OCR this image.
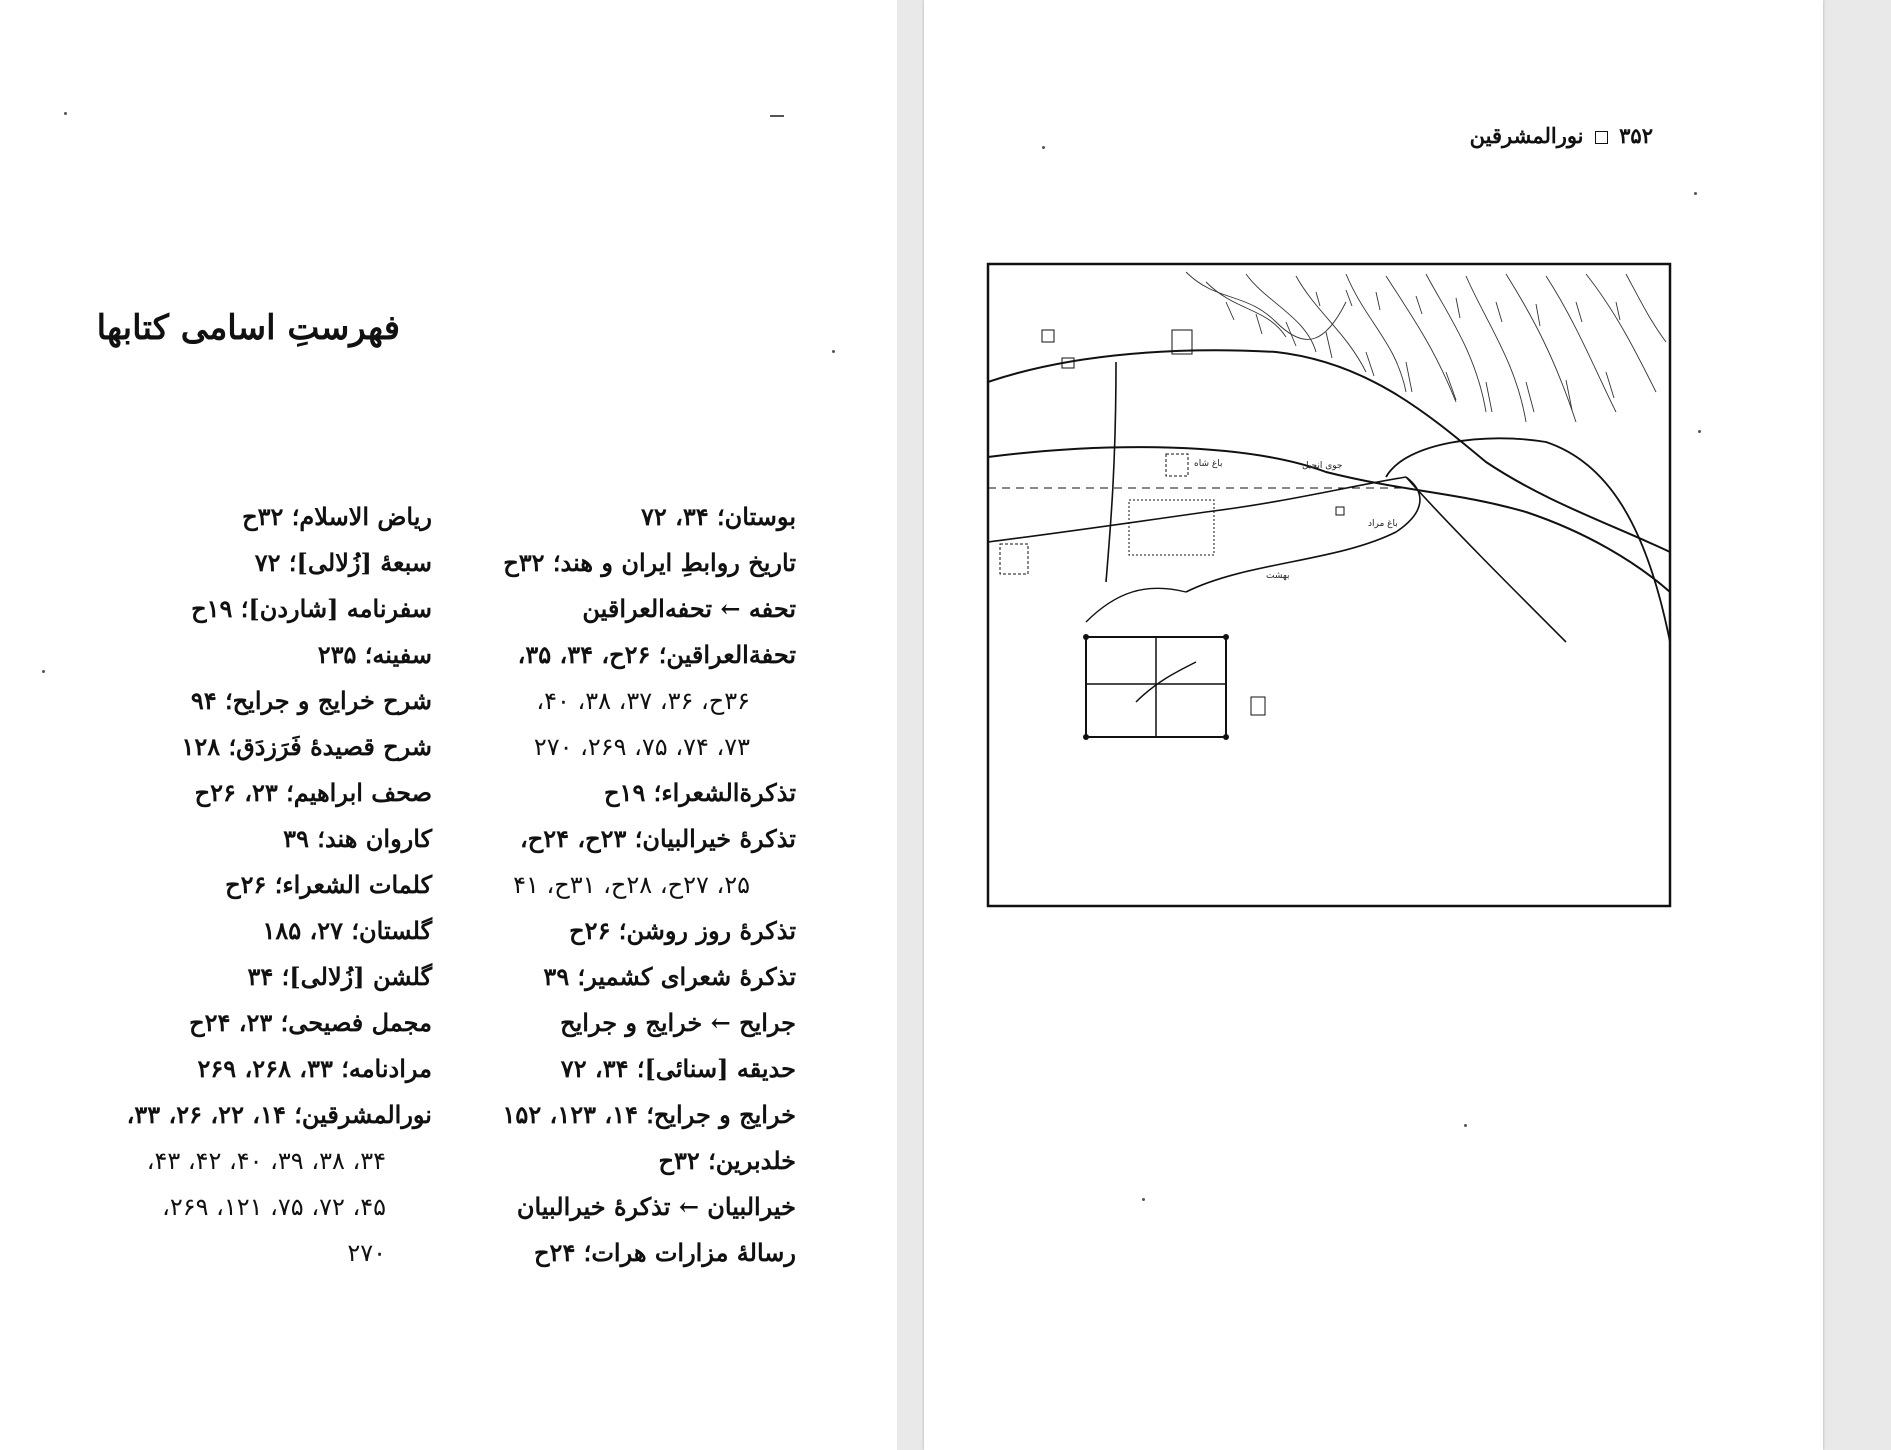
فهرستِ اسامی کتابها
بوستان؛ ۳۴، ۷۲
تاریخ روابطِ ایران و هند؛ ۳۲ح
تحفه ← تحفه‌العراقین
تحفة‌العراقین؛ ۲۶ح، ۳۴، ۳۵،
۳۶ح، ۳۶، ۳۷، ۳۸، ۴۰،
۷۳، ۷۴، ۷۵، ۲۶۹، ۲۷۰
تذکرة‌الشعراء؛ ۱۹ح
تذکرهٔ خیرالبیان؛ ۲۳ح، ۲۴ح،
۲۵، ۲۷ح، ۲۸ح، ۳۱ح، ۴۱
تذکرهٔ روز روشن؛ ۲۶ح
تذکرهٔ شعرای کشمیر؛ ۳۹
جرایح ← خرایج و جرایح
حدیقه [سنائی]؛ ۳۴، ۷۲
خرایج و جرایح؛ ۱۴، ۱۲۳، ۱۵۲
خلدبرین؛ ۳۲ح
خیرالبیان ← تذکرهٔ خیرالبیان
رسالهٔ مزارات هرات؛ ۲۴ح
ریاض الاسلام؛ ۳۲ح
سبعهٔ [زُلالی]؛ ۷۲
سفرنامه [شاردن]؛ ۱۹ح
سفینه؛ ۲۳۵
شرح خرایج و جرایح؛ ۹۴
شرح قصیدهٔ فَرَزدَق؛ ۱۲۸
صحف ابراهیم؛ ۲۳، ۲۶ح
کاروان هند؛ ۳۹
کلمات الشعراء؛ ۲۶ح
گلستان؛ ۲۷، ۱۸۵
گلشن [زُلالی]؛ ۳۴
مجمل فصیحی؛ ۲۳، ۲۴ح
مرادنامه؛ ۳۳، ۲۶۸، ۲۶۹
نورالمشرقین؛ ۱۴، ۲۲، ۲۶، ۳۳،
۳۴، ۳۸، ۳۹، ۴۰، ۴۲، ۴۳،
۴۵، ۷۲، ۷۵، ۱۲۱، ۲۶۹،
۲۷۰
۳۵۲  نورالمشرقین
باغ شاه	جوی انجیل
باغ مراد
بهشت
